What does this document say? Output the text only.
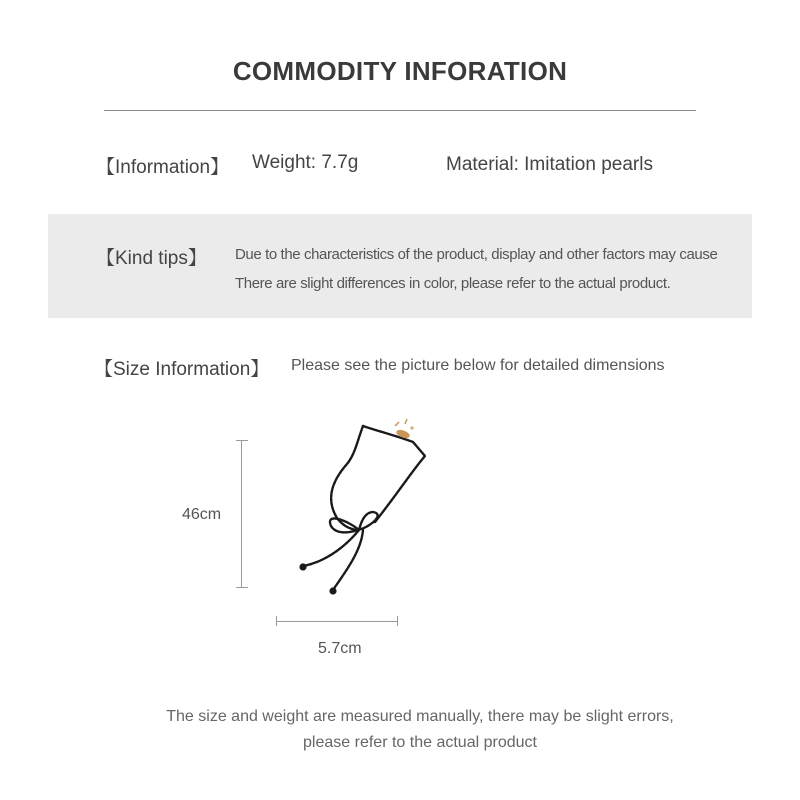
COMMODITY INFORATION
【Information】 Weight: 7.7g	Material: Imitation pearls
【Kind tips】 Due to the characteristics of the product, display and other factors may cause
There are slight differences in color, please refer to the actual product.
【Size Information】 Please see the picture below for detailed dimensions
46cm
5.7cm
The size and weight are measured manually, there may be slight errors,
please refer to the actual product
